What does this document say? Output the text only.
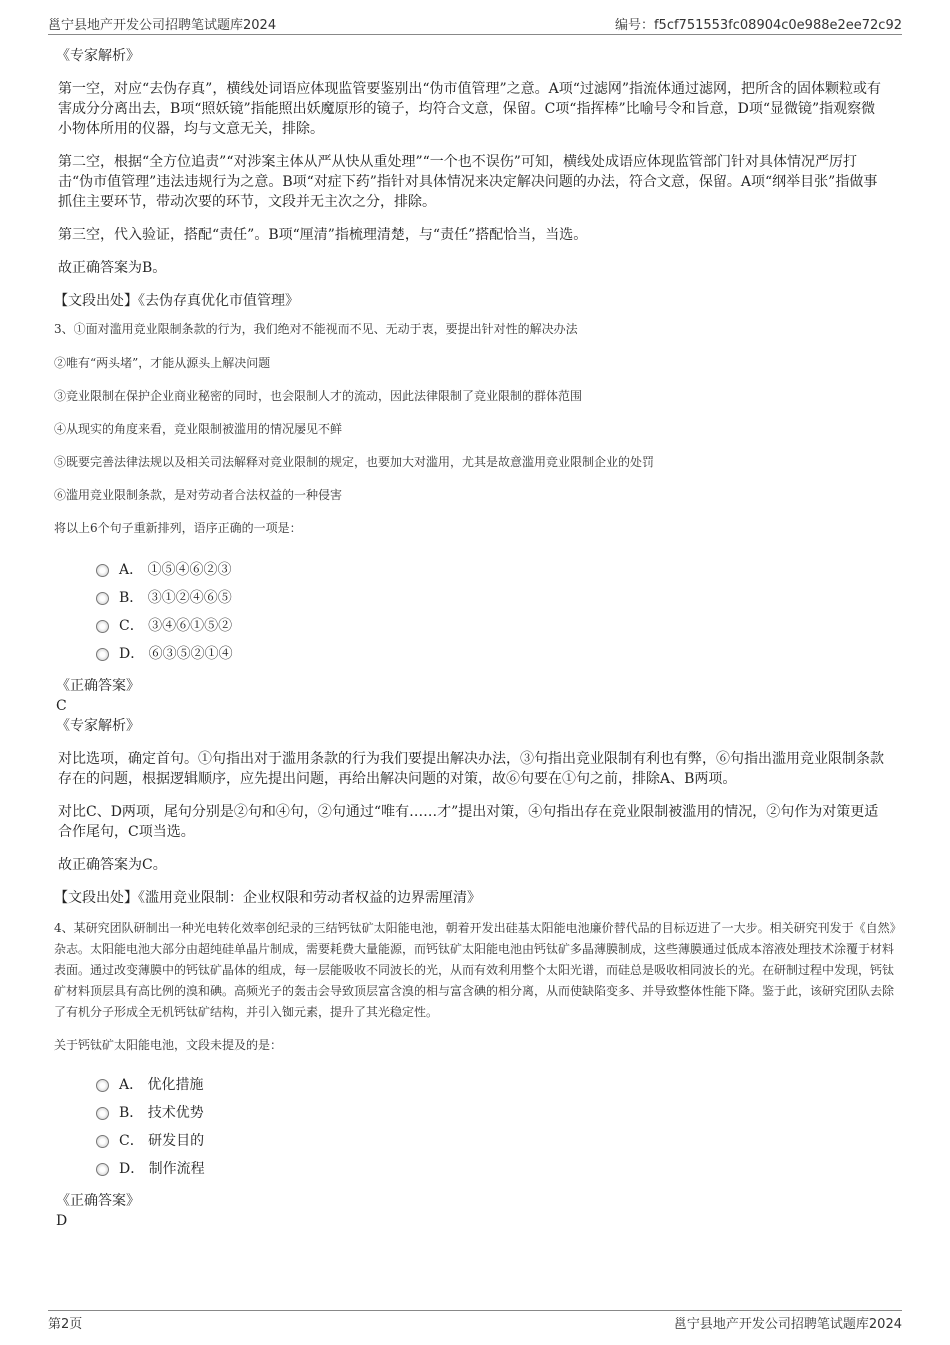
邕宁县地产开发公司招聘笔试题库2024	编号：f5cf751553fc08904c0e988e2ee72c92
《专家解析》
第一空，对应“去伪存真”，横线处词语应体现监管要鉴别出“伪市值管理”之意。A项“过滤网”指流体通过滤网，把所含的固体颗粒或有害成分分离出去，B项“照妖镜”指能照出妖魔原形的镜子，均符合文意，保留。C项“指挥棒”比喻号令和旨意，D项“显微镜”指观察微小物体所用的仪器，均与文意无关，排除。
第二空，根据“全方位追责”“对涉案主体从严从快从重处理”“一个也不误伤”可知，横线处成语应体现监管部门针对具体情况严厉打击“伪市值管理”违法违规行为之意。B项“对症下药”指针对具体情况来决定解决问题的办法，符合文意，保留。A项“纲举目张”指做事抓住主要环节，带动次要的环节，文段并无主次之分，排除。
第三空，代入验证，搭配“责任”。B项“厘清”指梳理清楚，与“责任”搭配恰当，当选。
故正确答案为B。
【文段出处】《去伪存真优化市值管理》
3、①面对滥用竞业限制条款的行为，我们绝对不能视而不见、无动于衷，要提出针对性的解决办法
②唯有“两头堵”，才能从源头上解决问题
③竞业限制在保护企业商业秘密的同时，也会限制人才的流动，因此法律限制了竞业限制的群体范围
④从现实的角度来看，竞业限制被滥用的情况屡见不鲜
⑤既要完善法律法规以及相关司法解释对竞业限制的规定，也要加大对滥用，尤其是故意滥用竞业限制企业的处罚
⑥滥用竞业限制条款，是对劳动者合法权益的一种侵害
将以上6个句子重新排列，语序正确的一项是：
A． ①⑤④⑥②③
B． ③①②④⑥⑤
C． ③④⑥①⑤②
D． ⑥③⑤②①④
《正确答案》
C
《专家解析》
对比选项，确定首句。①句指出对于滥用条款的行为我们要提出解决办法，③句指出竞业限制有利也有弊，⑥句指出滥用竞业限制条款存在的问题，根据逻辑顺序，应先提出问题，再给出解决问题的对策，故⑥句要在①句之前，排除A、B两项。
对比C、D两项，尾句分别是②句和④句，②句通过“唯有……才”提出对策，④句指出存在竞业限制被滥用的情况，②句作为对策更适合作尾句，C项当选。
故正确答案为C。
【文段出处】《滥用竞业限制：企业权限和劳动者权益的边界需厘清》
4、某研究团队研制出一种光电转化效率创纪录的三结钙钛矿太阳能电池，朝着开发出硅基太阳能电池廉价替代品的目标迈进了一大步。相关研究刊发于《自然》杂志。太阳能电池大部分由超纯硅单晶片制成，需要耗费大量能源，而钙钛矿太阳能电池由钙钛矿多晶薄膜制成，这些薄膜通过低成本溶液处理技术涂覆于材料表面。通过改变薄膜中的钙钛矿晶体的组成，每一层能吸收不同波长的光，从而有效利用整个太阳光谱，而硅总是吸收相同波长的光。在研制过程中发现，钙钛矿材料顶层具有高比例的溴和碘。高频光子的轰击会导致顶层富含溴的相与富含碘的相分离，从而使缺陷变多、并导致整体性能下降。鉴于此，该研究团队去除了有机分子形成全无机钙钛矿结构，并引入铷元素，提升了其光稳定性。
关于钙钛矿太阳能电池，文段未提及的是：
A． 优化措施
B． 技术优势
C． 研发目的
D． 制作流程
《正确答案》
D
第2页	邕宁县地产开发公司招聘笔试题库2024
